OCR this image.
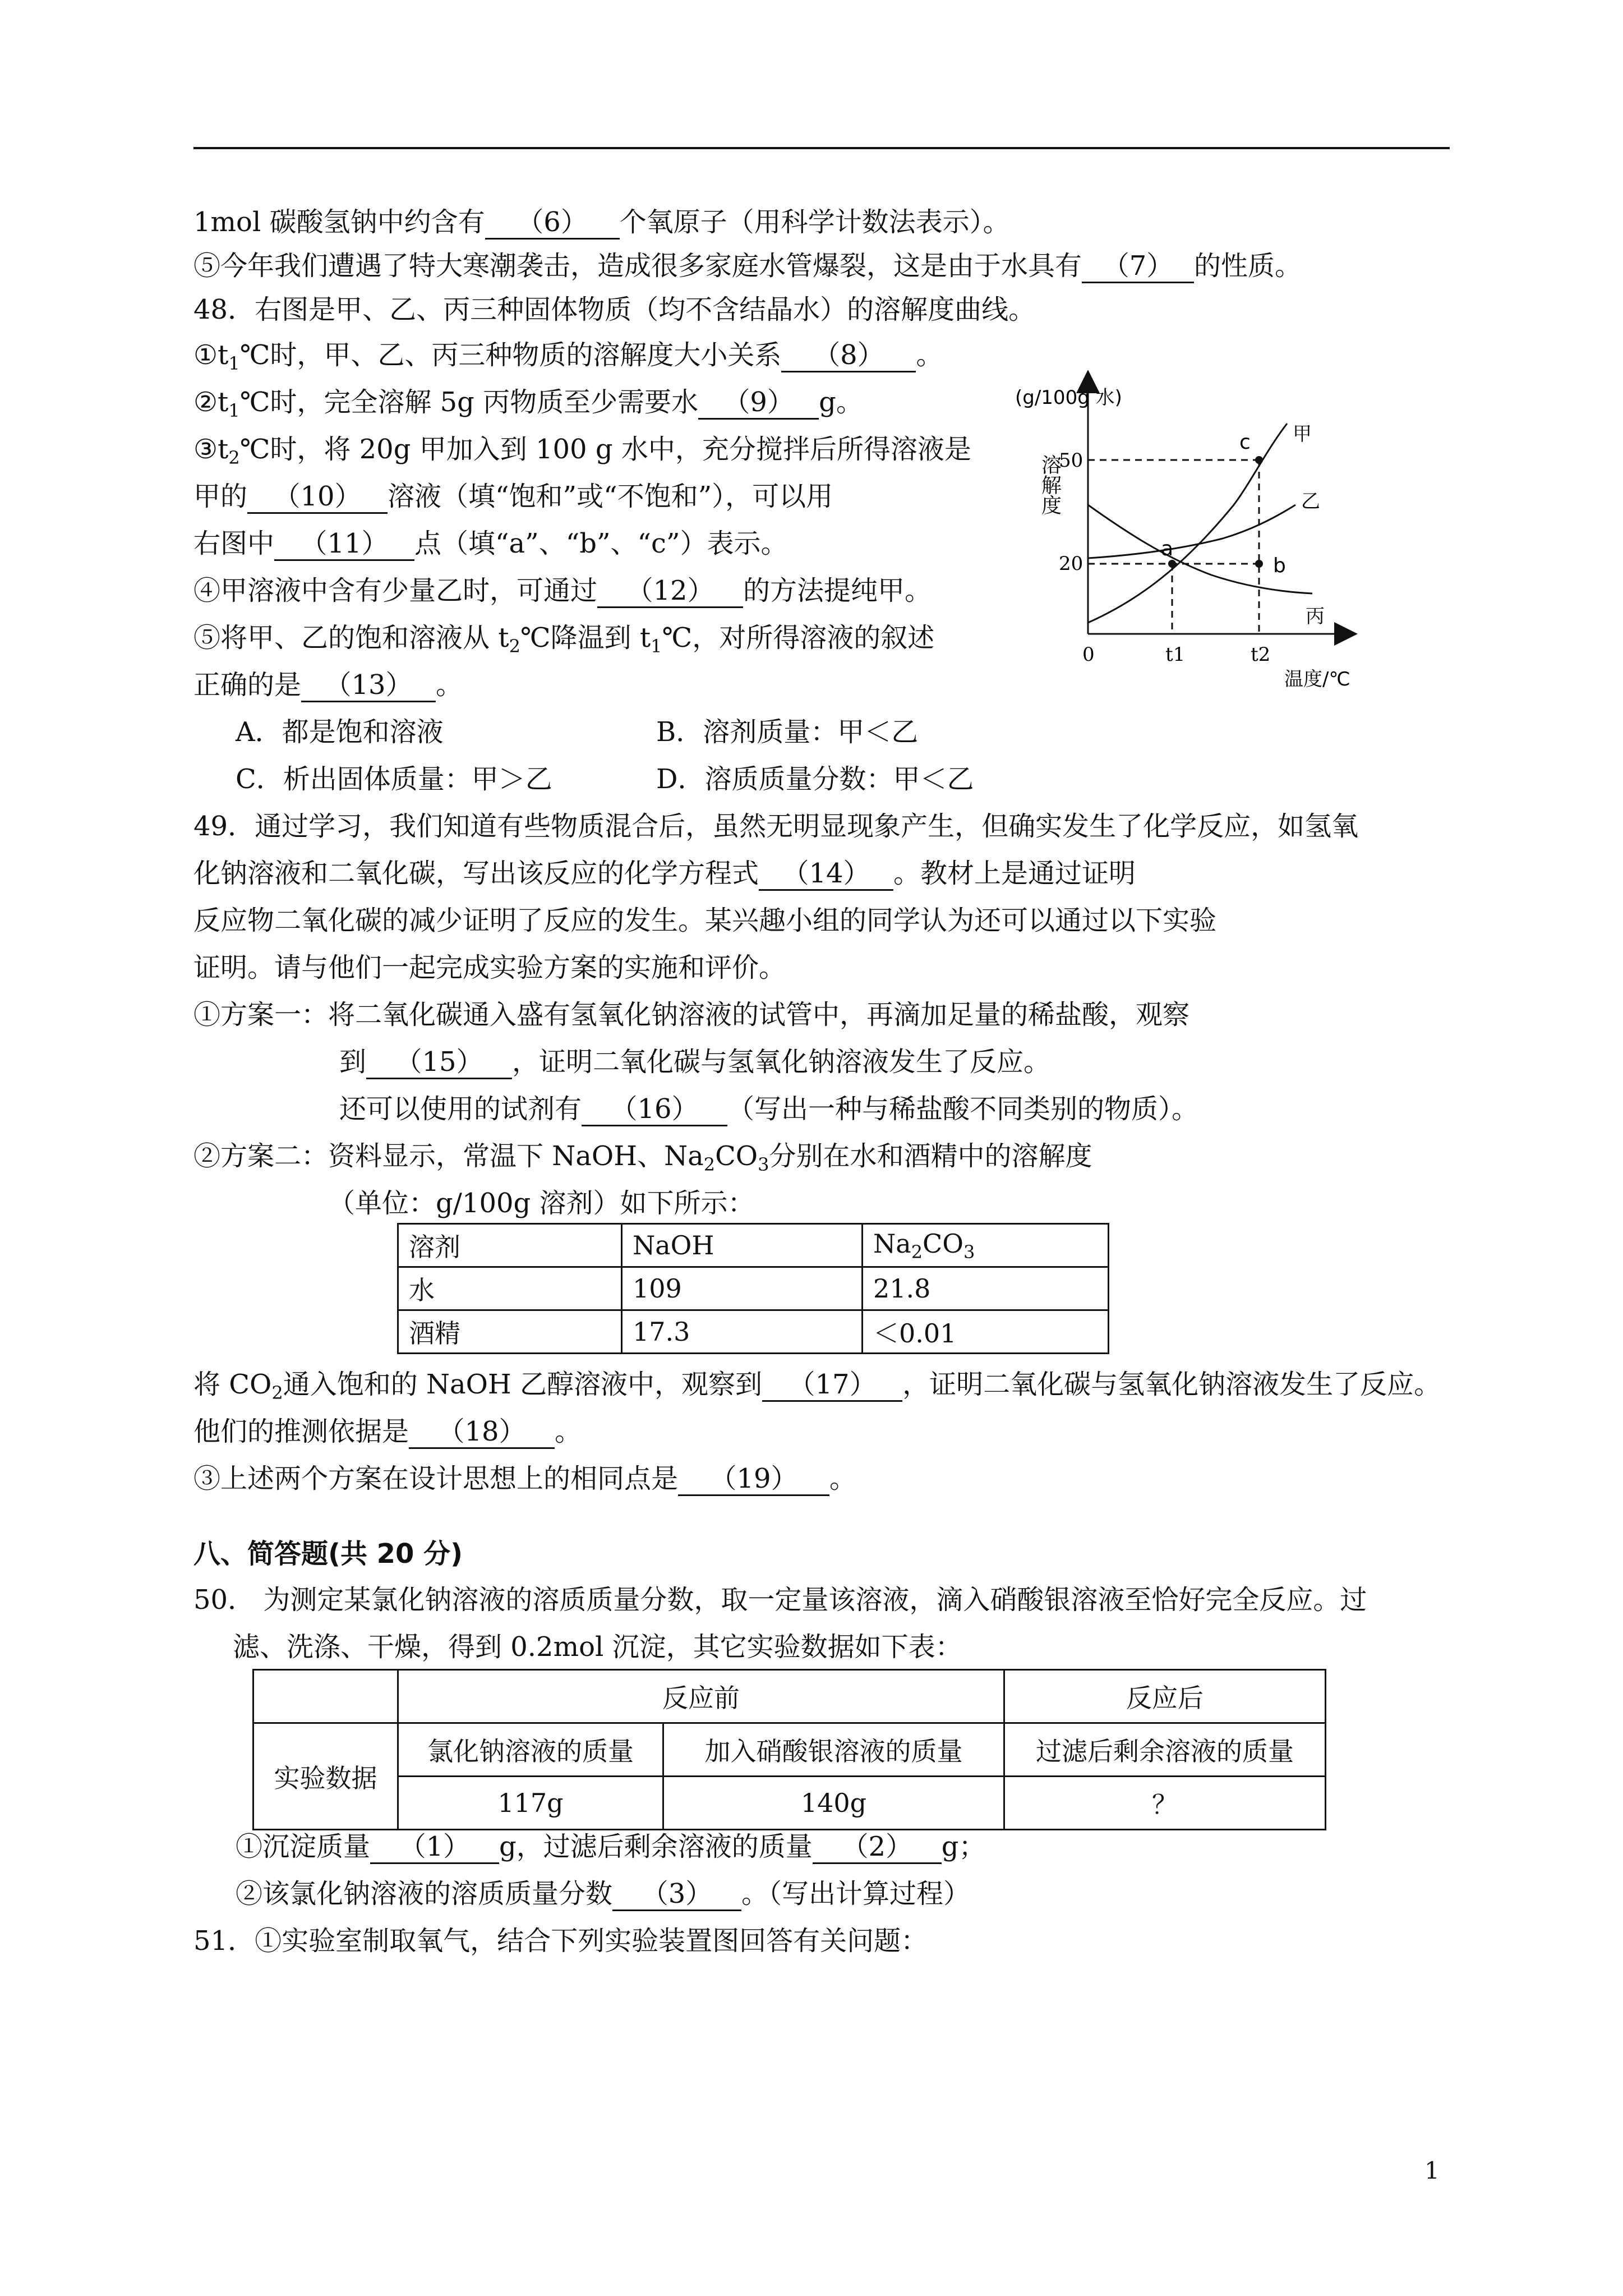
1mol 碳酸氢钠中约含有 （6） 个氧原子（用科学计数法表示）。
⑤今年我们遭遇了特大寒潮袭击，造成很多家庭水管爆裂，这是由于水具有 （7） 的性质。
48．右图是甲、乙、丙三种固体物质（均不含结晶水）的溶解度曲线。
$①t_1℃$时，甲、乙、丙三种物质的溶解度大小关系 （8） 。
$②t_1℃$时，完全溶解 5g 丙物质至少需要水 （9） g。
$③t_2℃$时，将 20g 甲加入到 100 g 水中，充分搅拌后所得溶液是
甲的 （10） 溶液（填“饱和”或“不饱和”），可以用
右图中 （11） 点（填“a”、“b”、“c”）表示。
④甲溶液中含有少量乙时，可通过 （12） 的方法提纯甲。
⑤将甲、乙的饱和溶液从 $t_2℃$降温到 $t_1℃$，对所得溶液的叙述
正确的是 （13） 。
A．都是饱和溶液	B．溶剂质量：甲＜乙
C．析出固体质量：甲＞乙	D．溶质质量分数：甲＜乙
49．通过学习，我们知道有些物质混合后，虽然无明显现象产生，但确实发生了化学反应，如氢氧
化钠溶液和二氧化碳，写出该反应的化学方程式 （14） 。教材上是通过证明
反应物二氧化碳的减少证明了反应的发生。某兴趣小组的同学认为还可以通过以下实验
证明。请与他们一起完成实验方案的实施和评价。
①方案一：将二氧化碳通入盛有氢氧化钠溶液的试管中，再滴加足量的稀盐酸，观察
到 （15） ，证明二氧化碳与氢氧化钠溶液发生了反应。
还可以使用的试剂有 （16） （写出一种与稀盐酸不同类别的物质）。
②方案二：资料显示，常温下 NaOH、$Na_2CO_3$分别在水和酒精中的溶解度
（单位：g/100g 溶剂）如下所示：
溶剂	NaOH	$Na_2CO_3$
水	109	21.8
酒精	17.3	＜0.01
将 $CO_2$通入饱和的 NaOH 乙醇溶液中，观察到 （17） ，证明二氧化碳与氢氧化钠溶液发生了反应。
他们的推测依据是 （18） 。
③上述两个方案在设计思想上的相同点是 （19） 。
八、简答题(共 20 分)
50． 为测定某氯化钠溶液的溶质质量分数，取一定量该溶液，滴入硝酸银溶液至恰好完全反应。过
滤、洗涤、干燥，得到 0.2mol 沉淀，其它实验数据如下表：
	反应前		反应后
实验数据	氯化钠溶液的质量	加入硝酸银溶液的质量	过滤后剩余溶液的质量
	117g	140g	？
①沉淀质量 （1） g，过滤后剩余溶液的质量 （2） g；
②该氯化钠溶液的溶质质量分数 （3） 。（写出计算过程）
51．①实验室制取氧气，结合下列实验装置图回答有关问题：
(g/100g 水)
溶解度
50
20
0	t1	t2
温度/℃
a
b
c 甲
乙
丙
1
